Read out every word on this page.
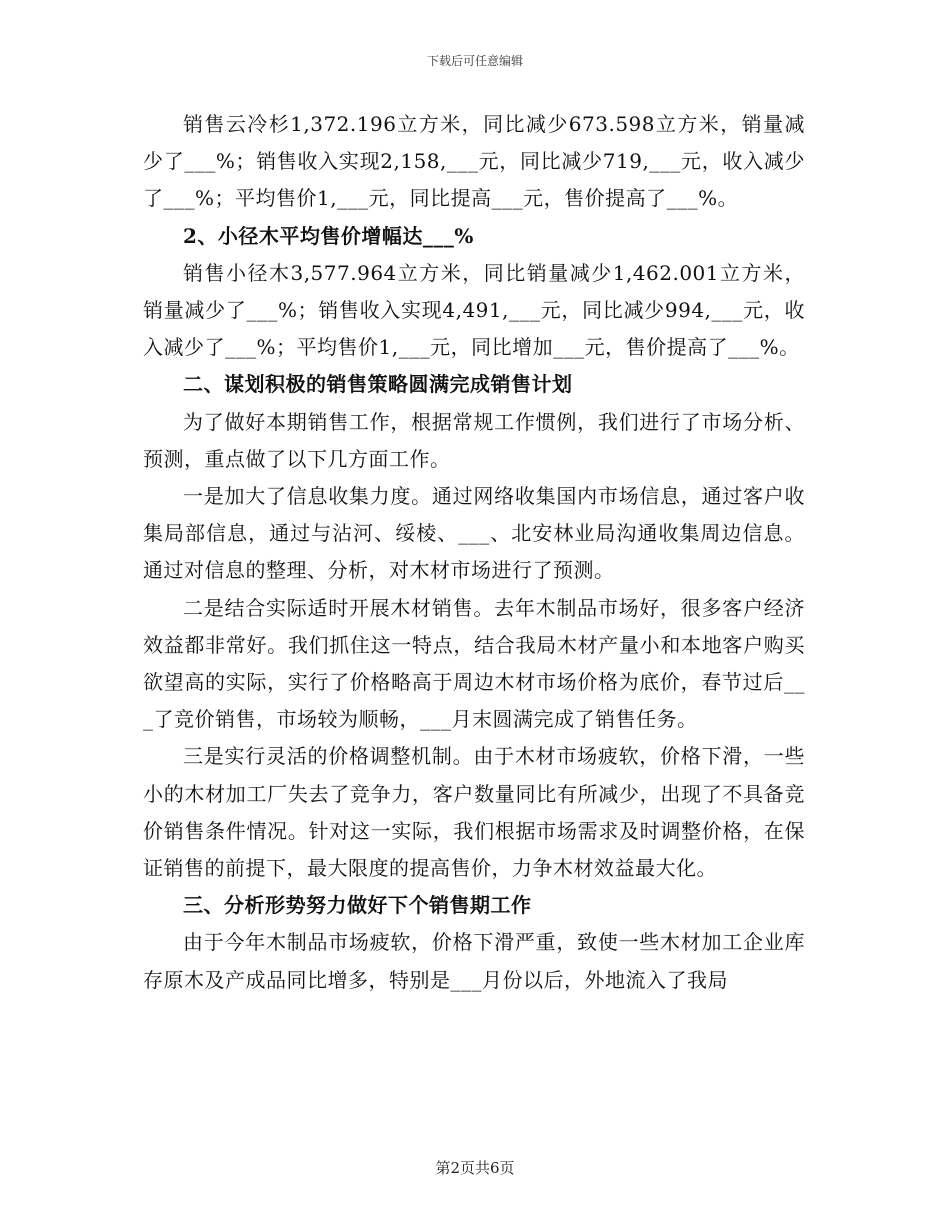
下载后可任意编辑

销售云冷杉1,372.196立方米，同比减少673.598立方米，销量减少了___%；销售收入实现2,158,___元，同比减少719,___元，收入减少了___%；平均售价1,___元，同比提高___元，售价提高了___%。

2、小径木平均售价增幅达___%

销售小径木3,577.964立方米，同比销量减少1,462.001立方米，销量减少了___%；销售收入实现4,491,___元，同比减少994,___元，收入减少了___%；平均售价1,___元，同比增加___元，售价提高了___%。

二、谋划积极的销售策略圆满完成销售计划

为了做好本期销售工作，根据常规工作惯例，我们进行了市场分析、预测，重点做了以下几方面工作。

一是加大了信息收集力度。通过网络收集国内市场信息，通过客户收集局部信息，通过与沾河、绥棱、___、北安林业局沟通收集周边信息。通过对信息的整理、分析，对木材市场进行了预测。

二是结合实际适时开展木材销售。去年木制品市场好，很多客户经济效益都非常好。我们抓住这一特点，结合我局木材产量小和本地客户购买欲望高的实际，实行了价格略高于周边木材市场价格为底价，春节过后___了竞价销售，市场较为顺畅，___月末圆满完成了销售任务。

三是实行灵活的价格调整机制。由于木材市场疲软，价格下滑，一些小的木材加工厂失去了竞争力，客户数量同比有所减少，出现了不具备竞价销售条件情况。针对这一实际，我们根据市场需求及时调整价格，在保证销售的前提下，最大限度的提高售价，力争木材效益最大化。

三、分析形势努力做好下个销售期工作

由于今年木制品市场疲软，价格下滑严重，致使一些木材加工企业库存原木及产成品同比增多，特别是___月份以后，外地流入了我局

第2页共6页
